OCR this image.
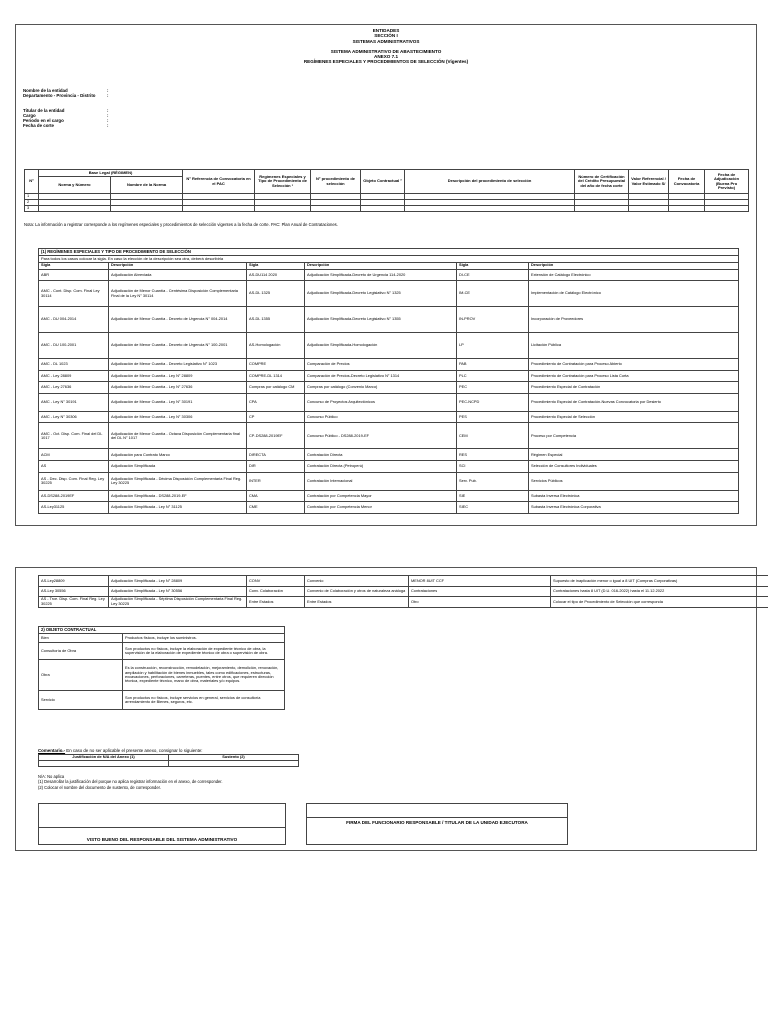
ENTIDADES
SECCIÓN I
SISTEMAS ADMINISTRATIVOS
SISTEMA ADMINISTRATIVO DE ABASTECIMIENTO
ANEXO 7.1
REGÍMENES ESPECIALES Y PROCEDIMIENTOS DE SELECCIÓN (Vigentes)
Nombre de la entidad	:
Departamento - Provincia - Distrito	:
Titular de la entidad	:
Cargo	:
Periodo en el cargo	:
Fecha de corte	:
N°	Base Legal (RÉGIMEN)		N° Referencia de Convocatoria en el PAC	Regímenes Especiales y Tipo de Procedimiento de Selección ¹	N° procedimiento de selección	Objeto Contractual ²	Descripción del procedimiento de selección	Número de Certificación del Crédito Presupuestal del año de fecha corte	Valor Referencial / Valor Estimado S/	Fecha de Convocatoria	Fecha de Adjudicación (Buena Pro Previsto)
	Norma y Número	Nombre de la Norma									
1											
2											
3											
Nota: La información a registrar corresponde a los regímenes especiales y procedimientos de selección vigentes a la fecha de corte. PAC: Plan Anual de Contrataciones.
(1) REGÍMENES ESPECIALES Y TIPO DE PROCEDIMIENTO DE SELECCIÓN					
Para todos los casos colocar la sigla. En caso la elección de la descripción sea otra, deberá describirla					
Sigla	Descripción	Sigla	Descripción	Sigla	Descripción
ABR	Adjudicación Abreviada	AS-DU114 2020	Adjudicación Simplificada-Decreto de Urgencia 114-2020	DI-CE	Extensión de Catálogo Electrónico
AMC - Cont. Disp. Com. Final Ley 30114	Adjudicación de Menor Cuantía - Centésima Disposición Complementaria Final de la Ley N° 30114	AS-DL 1325	Adjudicación Simplificada-Decreto Legislativo N° 1325	IM-CE	Implementación de Catálogo Electrónico
AMC - DU 004-2014	Adjudicación de Menor Cuantía - Decreto de Urgencia N° 004-2014	AS-DL 1355	Adjudicación Simplificada-Decreto Legislativo N° 1355	IN-PROV	Incorporación de Proveedores
AMC - DU 100-2001	Adjudicación de Menor Cuantía - Decreto de Urgencia N° 100-2001	AS-Homologación	Adjudicación Simplificada-Homologación	LP	Licitación Pública
AMC - DL 1023	Adjudicación de Menor Cuantía - Decreto Legislativo N° 1023	COMPRE	Comparación de Precios	PAB	Procedimiento de Contratación para Proceso Abierto
AMC - Ley 28809	Adjudicación de Menor Cuantía - Ley N° 28809	COMPRE-DL 1314	Comparación de Precios-Decreto Legislativo N° 1314	PLC	Procedimiento de Contratación para Proceso Lista Corta
AMC - Ley 27636	Adjudicación de Menor Cuantía - Ley N° 27636	Compras por catálogo CM	Compras por catálogo (Convenio Marco)	PEC	Procedimiento Especial de Contratación
AMC - Ley N° 30191	Adjudicación de Menor Cuantía - Ley N° 30191	CPA	Concurso de Proyectos Arquitectónicos	PEC-NCPD	Procedimiento Especial de Contratación-Nuevas Convocatoria por Desierto
AMC - Ley N° 30306	Adjudicación de Menor Cuantía - Ley N° 30306	CP	Concurso Público	PES	Procedimiento Especial de Selección
AMC - Oct. Disp. Com. Final del DL 1017	Adjudicación de Menor Cuantía - Octava Disposición Complementaria final del DL N° 1017	CP-DS288-2019EF	Concurso Público - DS288-2019-EF	CEM	Proceso por Competencia
ACM	Adjudicación para Contrato Marco	DIRECTA	Contratación Directa	RES	Régimen Especial
AS	Adjudicación Simplificada	DIR	Contratación Directa (Petroperú)	SCI	Selección de Consultores Individuales
AS - Dec. Disp. Com. Final Reg. Ley 30225	Adjudicación Simplificada - Décima Disposición Complementaria Final Reg. Ley 30225	INTER	Contratación Internacional	Serv. Pub.	Servicios Públicos
AS-DS288-2019EF	Adjudicación Simplificada - DS288-2019-EF	CMA	Contratación por Competencia Mayor	SIE	Subasta Inversa Electrónica
AS-Ley31125	Adjudicación Simplificada - Ley N° 31125	CME	Contratación por Competencia Menor	SIEC	Subasta Inversa Electrónica Corporativa
AS-Ley28809	Adjudicación Simplificada - Ley N° 28809	CONV	Convenio	MENOR 8UIT CCF	Supuesto de inaplicación menor o igual a 8 UIT (Compras Corporativas)
AS-Ley 30556	Adjudicación Simplificada - Ley N° 30556	Conv. Colaboración	Convenio de Colaboración y otros de naturaleza análoga	Contrataciones	Contrataciones hasta 8 UIT (D.U. 016-2022) hasta el 11.12.2022
AS - Trce. Disp. Com. Final Reg. Ley 30225	Adjudicación Simplificada - Séptima Disposición Complementaria Final Reg. Ley 30225	Entre Estados	Entre Estados	Otro	Colocar el tipo de Procedimiento de Selección que corresponda
2) OBJETO CONTRACTUAL	
Bien	Productos físicos, incluye los suministros.
Consultoría de Obra	Son productos no físicos, incluye la elaboración de expediente técnico de obra, la supervisión de la elaboración de expediente técnico de obra o supervisión de obra.
Obra	Es la construcción, reconstrucción, remodelación, mejoramiento, demolición, renovación, ampliación y habilitación de bienes inmuebles, tales como edificaciones, estructuras, excavaciones, perforaciones, carreteras, puentes, entre otros, que requieren dirección técnica, expediente técnico, mano de obra, materiales y/o equipos.
Servicio	Son productos no físicos, incluye servicios en general, servicios de consultoría arrendamiento de Bienes, seguros, etc.
Comentario.- En caso de no ser aplicable el presente anexo, consignar lo siguiente:
Justificación de N/A del Anexo (1)	Sustento (2)

N/A: No aplica
(1) Desarrollar la justificación del porque no aplica registrar información en el anexo, de corresponder.
(2) Colocar el nombre del documento de sustento, de corresponder.
VISTO BUENO DEL RESPONSABLE DEL SISTEMA ADMINISTRATIVO
FIRMA DEL FUNCIONARIO RESPONSABLE / TITULAR DE LA UNIDAD EJECUTORA
